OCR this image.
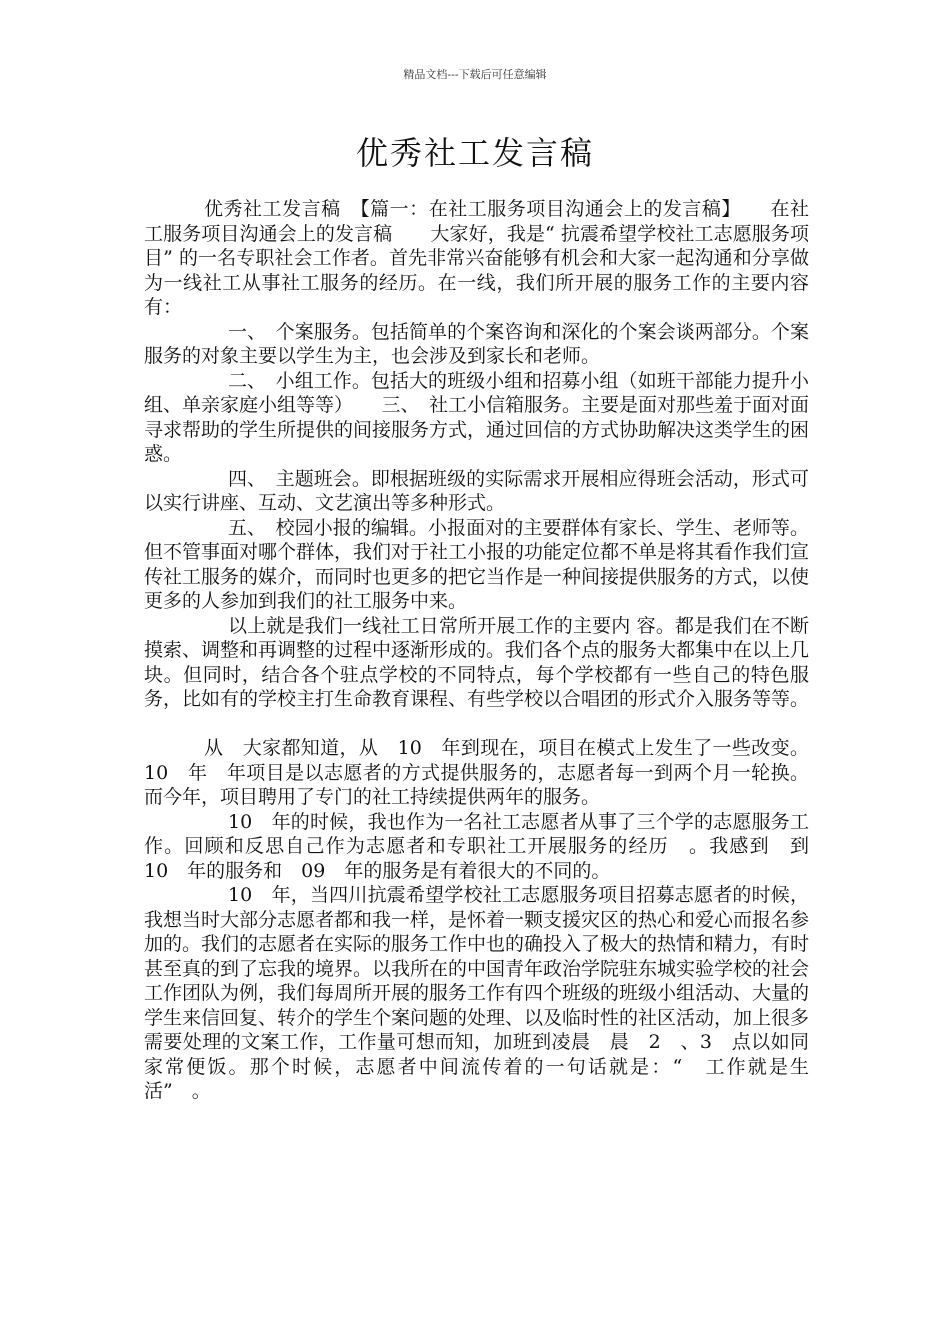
精品文档---下载后可任意编辑
优秀社工发言稿

优秀社工发言稿　【篇一：在社工服务项目沟通会上的发言稿】　　在社工服务项目沟通会上的发言稿　　大家好，我是“ 抗震希望学校社工志愿服务项目” 的一名专职社会工作者。首先非常兴奋能够有机会和大家一起沟通和分享做为一线社工从事社工服务的经历。在一线，我们所开展的服务工作的主要内容有：

一、　个案服务。包括简单的个案咨询和深化的个案会谈两部分。个案服务的对象主要以学生为主，也会涉及到家长和老师。

二、　小组工作。包括大的班级小组和招募小组（如班干部能力提升小组、单亲家庭小组等等）　　三、　社工小信箱服务。主要是面对那些羞于面对面寻求帮助的学生所提供的间接服务方式，通过回信的方式协助解决这类学生的困惑。

四、　主题班会。即根据班级的实际需求开展相应得班会活动，形式可以实行讲座、互动、文艺演出等多种形式。

五、　校园小报的编辑。小报面对的主要群体有家长、学生、老师等。但不管事面对哪个群体，我们对于社工小报的功能定位都不单是将其看作我们宣传社工服务的媒介，而同时也更多的把它当作是一种间接提供服务的方式，以使更多的人参加到我们的社工服务中来。

以上就是我们一线社工日常所开展工作的主要内 容。都是我们在不断摸索、调整和再调整的过程中逐渐形成的。我们各个点的服务大都集中在以上几块。但同时，结合各个驻点学校的不同特点，每个学校都有一些自己的特色服务，比如有的学校主打生命教育课程、有些学校以合唱团的形式介入服务等等。

从　大家都知道，从　10　年到现在，项目在模式上发生了一些改变。10　年　年项目是以志愿者的方式提供服务的，志愿者每一到两个月一轮换。而今年，项目聘用了专门的社工持续提供两年的服务。

10　年的时候，我也作为一名社工志愿者从事了三个学的志愿服务工作。回顾和反思自己作为志愿者和专职社工开展服务的经历　。我感到　到　10　年的服务和　09　年的服务是有着很大的不同的。

10　年，当四川抗震希望学校社工志愿服务项目招募志愿者的时候，我想当时大部分志愿者都和我一样，是怀着一颗支援灾区的热心和爱心而报名参加的。我们的志愿者在实际的服务工作中也的确投入了极大的热情和精力，有时甚至真的到了忘我的境界。以我所在的中国青年政治学院驻东城实验学校的社会工作团队为例，我们每周所开展的服务工作有四个班级的班级小组活动、大量的学生来信回复、转介的学生个案问题的处理、以及临时性的社区活动，加上很多需要处理的文案工作，工作量可想而知，加班到凌晨　晨　2　、3　点以如同家常便饭。那个时候，志愿者中间流传着的一句话就是：“　工作就是生活”　。
